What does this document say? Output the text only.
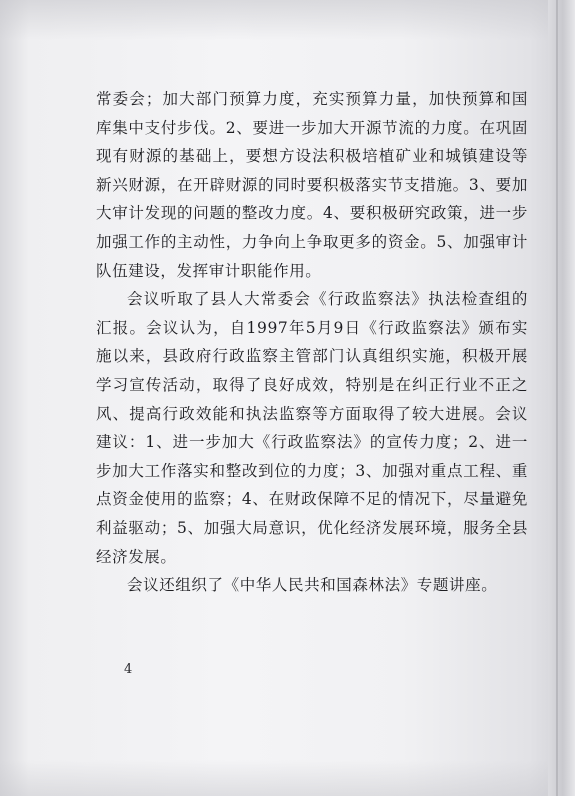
常委会；加大部门预算力度，充实预算力量，加快预算和国库集中支付步伐。2、要进一步加大开源节流的力度。在巩固现有财源的基础上，要想方设法积极培植矿业和城镇建设等新兴财源，在开辟财源的同时要积极落实节支措施。3、要加大审计发现的问题的整改力度。4、要积极研究政策，进一步加强工作的主动性，力争向上争取更多的资金。5、加强审计队伍建设，发挥审计职能作用。

会议听取了县人大常委会《行政监察法》执法检查组的汇报。会议认为，自1997年5月9日《行政监察法》颁布实施以来，县政府行政监察主管部门认真组织实施，积极开展学习宣传活动，取得了良好成效，特别是在纠正行业不正之风、提高行政效能和执法监察等方面取得了较大进展。会议建议：1、进一步加大《行政监察法》的宣传力度；2、进一步加大工作落实和整改到位的力度；3、加强对重点工程、重点资金使用的监察；4、在财政保障不足的情况下，尽量避免利益驱动；5、加强大局意识，优化经济发展环境，服务全县经济发展。

会议还组织了《中华人民共和国森林法》专题讲座。

4
